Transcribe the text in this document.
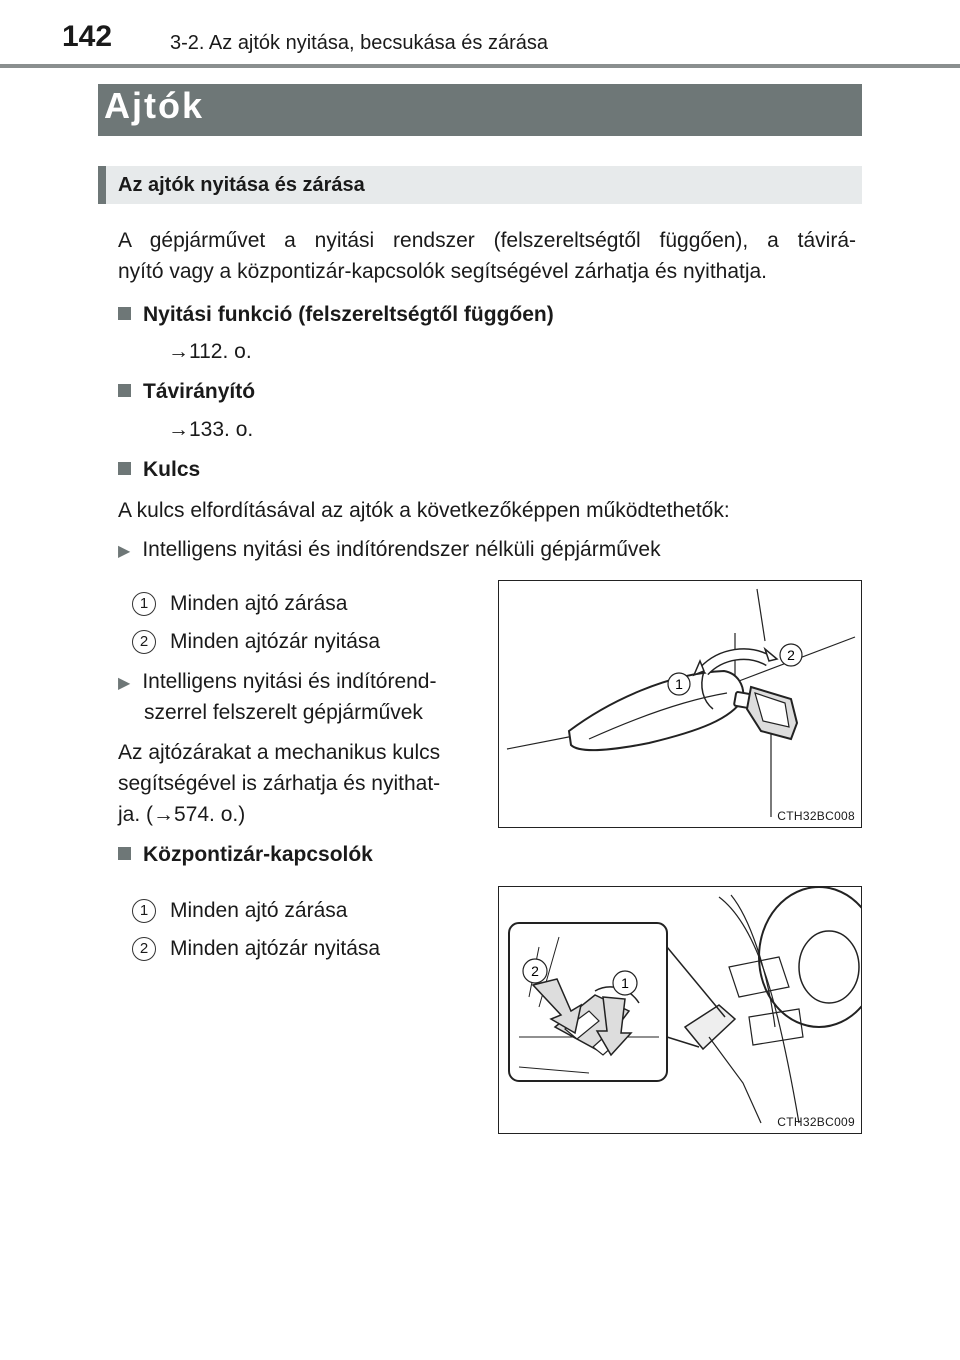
142	3-2. Az ajtók nyitása, becsukása és zárása
Ajtók
Az ajtók nyitása és zárása
A gépjárművet a nyitási rendszer (felszereltségtől függően), a távirá-
nyító vagy a központizár-kapcsolók segítségével zárhatja és nyithatja.
Nyitási funkció (felszereltségtől függően)
→112. o.
Távirányító
→133. o.
Kulcs
A kulcs elfordításával az ajtók a következőképpen működtethetők:
▶ Intelligens nyitási és indítórendszer nélküli gépjárművek
1 Minden ajtó zárása
2 Minden ajtózár nyitása
▶ Intelligens nyitási és indítórend-
szerrel felszerelt gépjárművek
Az ajtózárakat a mechanikus kulcs
segítségével is zárhatja és nyithat-
ja. (→574. o.)
1
2
CTH32BC008
Központizár-kapcsolók
1 Minden ajtó zárása
2 Minden ajtózár nyitása
2
1
CTH32BC009
